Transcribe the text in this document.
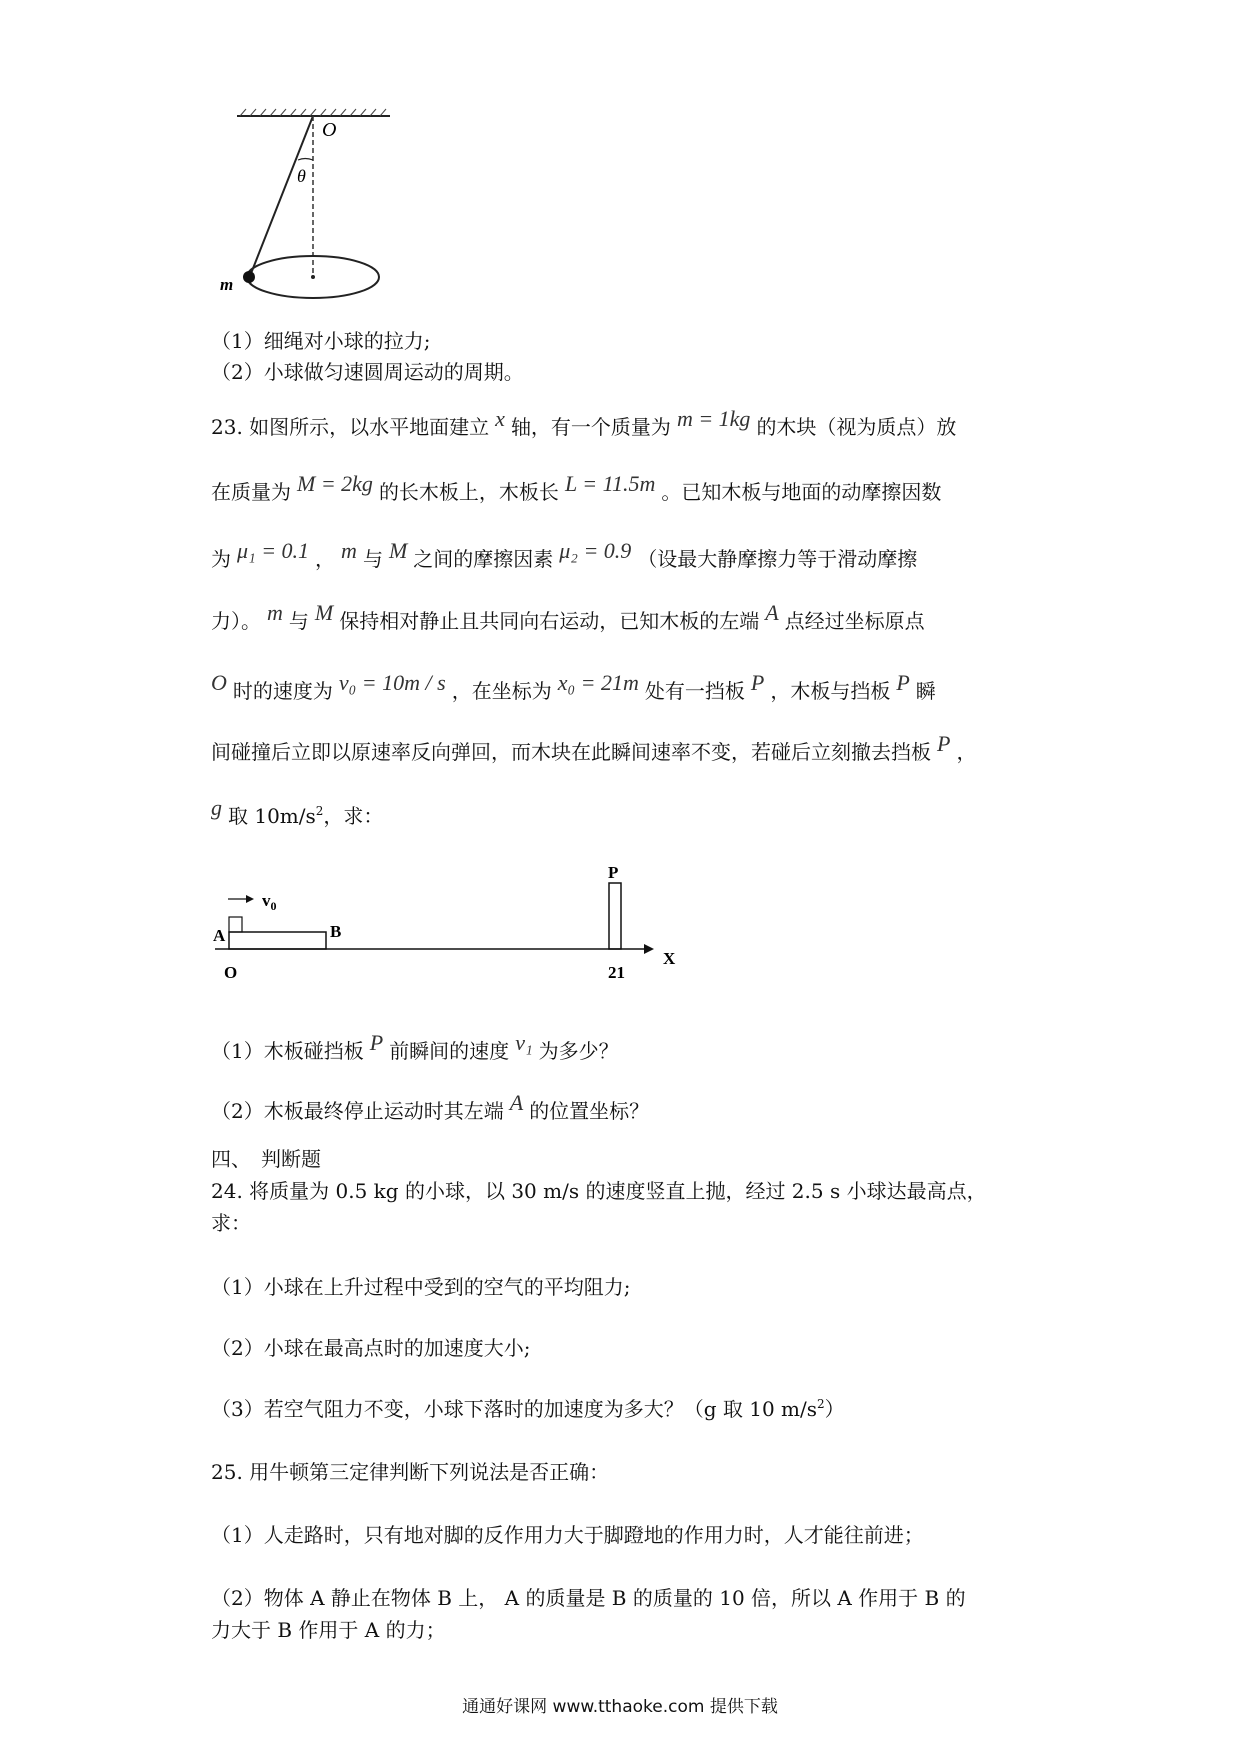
O
θ
m
（1）细绳对小球的拉力;
（2）小球做匀速圆周运动的周期。
23. 如图所示，以水平地面建立 x 轴，有一个质量为 m = 1kg 的木块（视为质点）放
在质量为 M = 2kg 的长木板上，木板长 L = 11.5m 。已知木板与地面的动摩擦因数
为 μ₁ = 0.1 ， m 与 M 之间的摩擦因素 μ₂ = 0.9 （设最大静摩擦力等于滑动摩擦
力）。 m 与 M 保持相对静止且共同向右运动，已知木板的左端 A 点经过坐标原点
O 时的速度为 v₀ = 10m / s ，在坐标为 x₀ = 21m 处有一挡板 P ，木板与挡板 P 瞬
间碰撞后立即以原速率反向弹回，而木块在此瞬间速率不变，若碰后立刻撤去挡板 P ，
g 取 $10m/s^2$，求：
$v_0$
A	B
P
O	21
X
（1）木板碰挡板 P 前瞬间的速度 v₁ 为多少？
（2）木板最终停止运动时其左端 A 的位置坐标？
四、　判断题
24. 将质量为 0.5 kg 的小球，以 30 m/s 的速度竖直上抛，经过 2.5 s 小球达最高点，
求：
（1）小球在上升过程中受到的空气的平均阻力;
（2）小球在最高点时的加速度大小;
（3）若空气阻力不变，小球下落时的加速度为多大？（g 取 10 $m/s^2$）
25. 用牛顿第三定律判断下列说法是否正确：
（1）人走路时，只有地对脚的反作用力大于脚蹬地的作用力时，人才能往前进；
（2）物体 A 静止在物体 B 上， A 的质量是 B 的质量的 10 倍，所以 A 作用于 B 的
力大于 B 作用于 A 的力；
通通好课网 www.tthaoke.com 提供下载
